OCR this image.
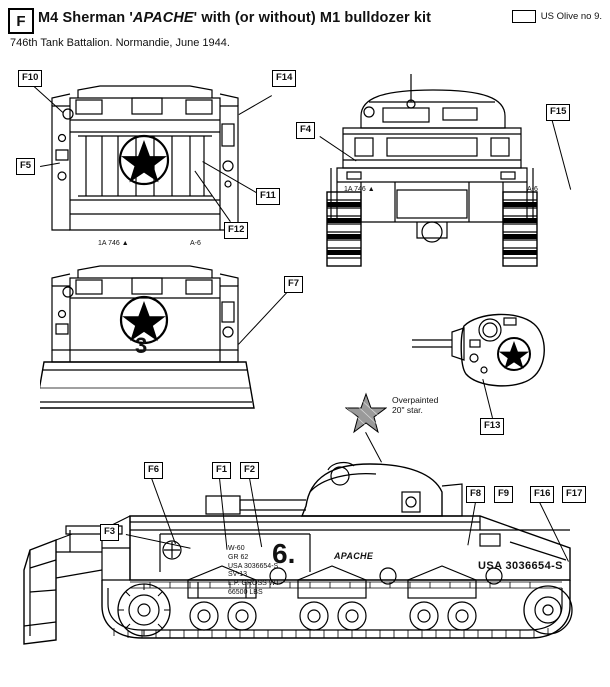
F M4 Sherman 'APACHE' with (or without) M1 bulldozer kit
746th Tank Battalion. Normandie, June 1944.
US Olive no 9.
1A 746 ▲	A-6
F10	F14
F5
F11
F12
1A 746 ▲	A-6
F4
F15
3
F7
F13
Overpainted
20" star.
W-60
GR 62
USA 3036654-S
SV-13
L.P. GROSS WT
66500 LBS
6.	APACHE
USA 3036654-S
F6	F1	F2
F3
F8	F9	F16	F17
